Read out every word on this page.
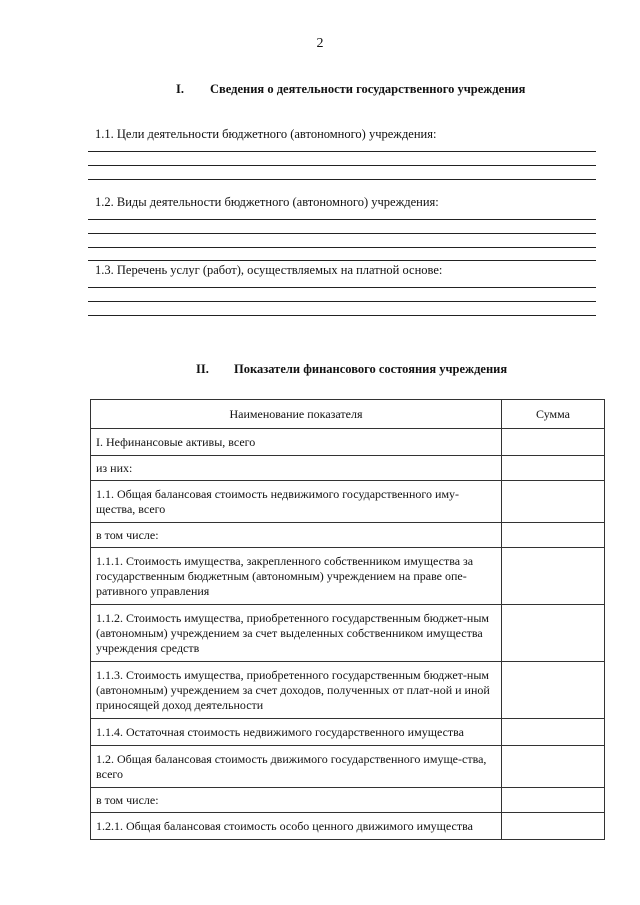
2
I. Сведения о деятельности государственного учреждения
1.1. Цели деятельности бюджетного (автономного) учреждения:
1.2. Виды деятельности бюджетного (автономного) учреждения:
1.3. Перечень услуг (работ), осуществляемых на платной основе:
II. Показатели финансового состояния учреждения
Наименование показателя	Сумма
I. Нефинансовые активы, всего	
из них:	
1.1. Общая балансовая стоимость недвижимого государственного иму-щества, всего	
в том числе:	
1.1.1. Стоимость имущества, закрепленного собственником имущества за государственным бюджетным (автономным) учреждением на праве опе-ративного управления	
1.1.2. Стоимость имущества, приобретенного государственным бюджет-ным (автономным) учреждением за счет выделенных собственником имущества учреждения средств	
1.1.3. Стоимость имущества, приобретенного государственным бюджет-ным (автономным) учреждением за счет доходов, полученных от плат-ной и иной приносящей доход деятельности	
1.1.4. Остаточная стоимость недвижимого государственного имущества	
1.2. Общая балансовая стоимость движимого государственного имуще-ства, всего	
в том числе:	
1.2.1. Общая балансовая стоимость особо ценного движимого имущества	
